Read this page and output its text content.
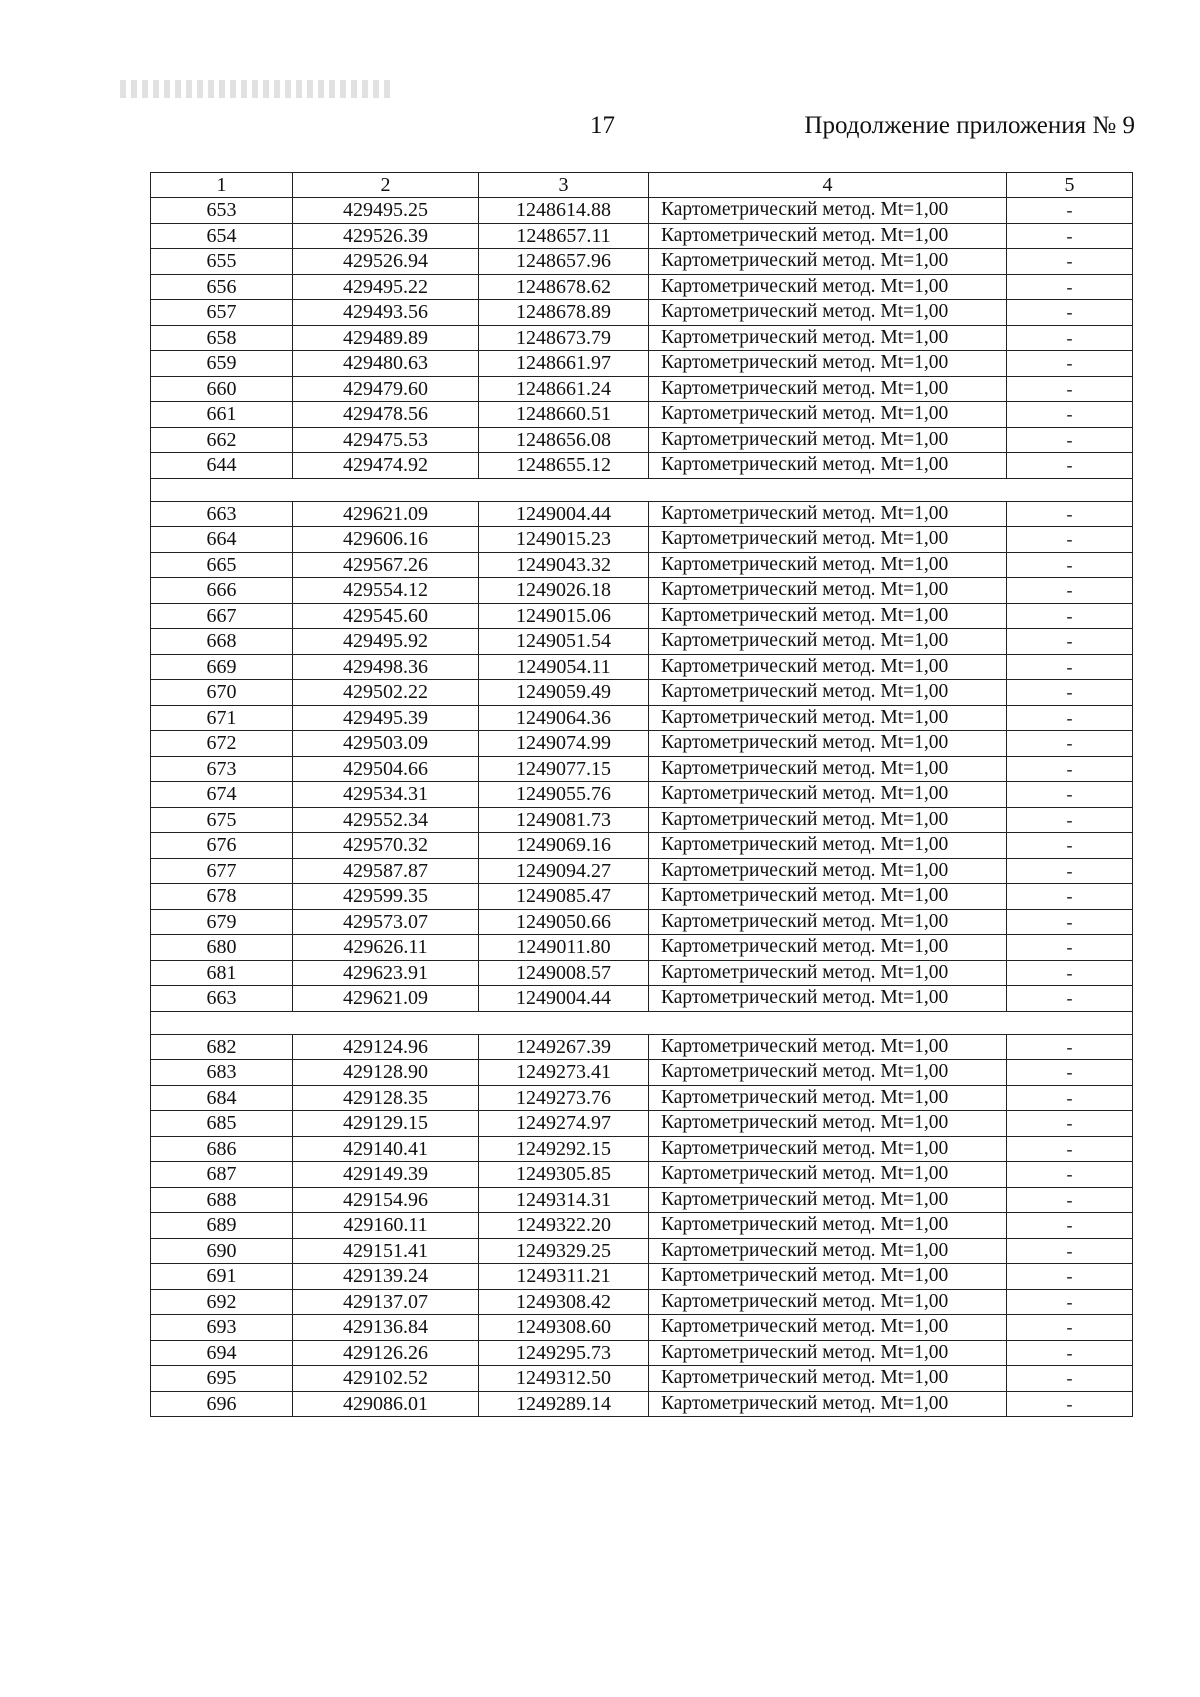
17	Продолжение приложения № 9
1	2	3	4	5
653	429495.25	1248614.88	Картометрический метод. Mt=1,00	-
654	429526.39	1248657.11	Картометрический метод. Mt=1,00	-
655	429526.94	1248657.96	Картометрический метод. Mt=1,00	-
656	429495.22	1248678.62	Картометрический метод. Mt=1,00	-
657	429493.56	1248678.89	Картометрический метод. Mt=1,00	-
658	429489.89	1248673.79	Картометрический метод. Mt=1,00	-
659	429480.63	1248661.97	Картометрический метод. Mt=1,00	-
660	429479.60	1248661.24	Картометрический метод. Mt=1,00	-
661	429478.56	1248660.51	Картометрический метод. Mt=1,00	-
662	429475.53	1248656.08	Картометрический метод. Mt=1,00	-
644	429474.92	1248655.12	Картометрический метод. Mt=1,00	-

663	429621.09	1249004.44	Картометрический метод. Mt=1,00	-
664	429606.16	1249015.23	Картометрический метод. Mt=1,00	-
665	429567.26	1249043.32	Картометрический метод. Mt=1,00	-
666	429554.12	1249026.18	Картометрический метод. Mt=1,00	-
667	429545.60	1249015.06	Картометрический метод. Mt=1,00	-
668	429495.92	1249051.54	Картометрический метод. Mt=1,00	-
669	429498.36	1249054.11	Картометрический метод. Mt=1,00	-
670	429502.22	1249059.49	Картометрический метод. Mt=1,00	-
671	429495.39	1249064.36	Картометрический метод. Mt=1,00	-
672	429503.09	1249074.99	Картометрический метод. Mt=1,00	-
673	429504.66	1249077.15	Картометрический метод. Mt=1,00	-
674	429534.31	1249055.76	Картометрический метод. Mt=1,00	-
675	429552.34	1249081.73	Картометрический метод. Mt=1,00	-
676	429570.32	1249069.16	Картометрический метод. Mt=1,00	-
677	429587.87	1249094.27	Картометрический метод. Mt=1,00	-
678	429599.35	1249085.47	Картометрический метод. Mt=1,00	-
679	429573.07	1249050.66	Картометрический метод. Mt=1,00	-
680	429626.11	1249011.80	Картометрический метод. Mt=1,00	-
681	429623.91	1249008.57	Картометрический метод. Mt=1,00	-
663	429621.09	1249004.44	Картометрический метод. Mt=1,00	-

682	429124.96	1249267.39	Картометрический метод. Mt=1,00	-
683	429128.90	1249273.41	Картометрический метод. Mt=1,00	-
684	429128.35	1249273.76	Картометрический метод. Mt=1,00	-
685	429129.15	1249274.97	Картометрический метод. Mt=1,00	-
686	429140.41	1249292.15	Картометрический метод. Mt=1,00	-
687	429149.39	1249305.85	Картометрический метод. Mt=1,00	-
688	429154.96	1249314.31	Картометрический метод. Mt=1,00	-
689	429160.11	1249322.20	Картометрический метод. Mt=1,00	-
690	429151.41	1249329.25	Картометрический метод. Mt=1,00	-
691	429139.24	1249311.21	Картометрический метод. Mt=1,00	-
692	429137.07	1249308.42	Картометрический метод. Mt=1,00	-
693	429136.84	1249308.60	Картометрический метод. Mt=1,00	-
694	429126.26	1249295.73	Картометрический метод. Mt=1,00	-
695	429102.52	1249312.50	Картометрический метод. Mt=1,00	-
696	429086.01	1249289.14	Картометрический метод. Mt=1,00	-
